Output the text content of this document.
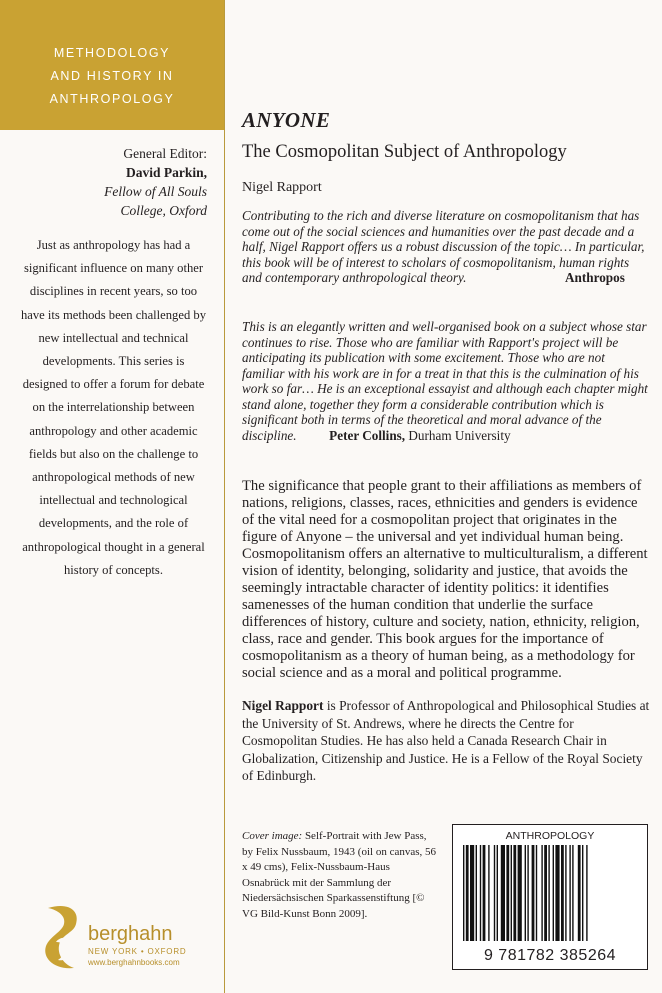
METHODOLOGY
AND HISTORY IN
ANTHROPOLOGY
General Editor:
David Parkin,
Fellow of All Souls
College, Oxford
Just as anthropology has had a significant influence on many other disciplines in recent years, so too have its methods been challenged by new intellectual and technical developments. This series is designed to offer a forum for debate on the interrelationship between anthropology and other academic fields but also on the challenge to anthropological methods of new intellectual and technological developments, and the role of anthropological thought in a general history of concepts.
ANYONE
The Cosmopolitan Subject of Anthropology
Nigel Rapport
Contributing to the rich and diverse literature on cosmopolitanism that has come out of the social sciences and humanities over the past decade and a half, Nigel Rapport offers us a robust discussion of the topic… In particular, this book will be of interest to scholars of cosmopolitanism, human rights and contemporary anthropological theory.	Anthropos
This is an elegantly written and well-organised book on a subject whose star continues to rise. Those who are familiar with Rapport's project will be anticipating its publication with some excitement. Those who are not familiar with his work are in for a treat in that this is the culmination of his work so far… He is an exceptional essayist and although each chapter might stand alone, together they form a considerable contribution which is significant both in terms of the theoretical and moral advance of the discipline. Peter Collins, Durham University
The significance that people grant to their affiliations as members of nations, religions, classes, races, ethnicities and genders is evidence of the vital need for a cosmopolitan project that originates in the figure of Anyone – the universal and yet individual human being. Cosmopolitanism offers an alternative to multiculturalism, a different vision of identity, belonging, solidarity and justice, that avoids the seemingly intractable character of identity politics: it identifies samenesses of the human condition that underlie the surface differences of history, culture and society, nation, ethnicity, religion, class, race and gender. This book argues for the importance of cosmopolitanism as a theory of human being, as a methodology for social science and as a moral and political programme.
Nigel Rapport is Professor of Anthropological and Philosophical Studies at the University of St. Andrews, where he directs the Centre for Cosmopolitan Studies. He has also held a Canada Research Chair in Globalization, Citizenship and Justice. He is a Fellow of the Royal Society of Edinburgh.
Cover image: Self-Portrait with Jew Pass, by Felix Nussbaum, 1943 (oil on canvas, 56 x 49 cms), Felix-Nussbaum-Haus Osnabrück mit der Sammlung der Niedersächsischen Sparkassenstiftung [© VG Bild-Kunst Bonn 2009].
ANTHROPOLOGY
9 781782 385264
berghahn
NEW YORK • OXFORD
www.berghahnbooks.com
